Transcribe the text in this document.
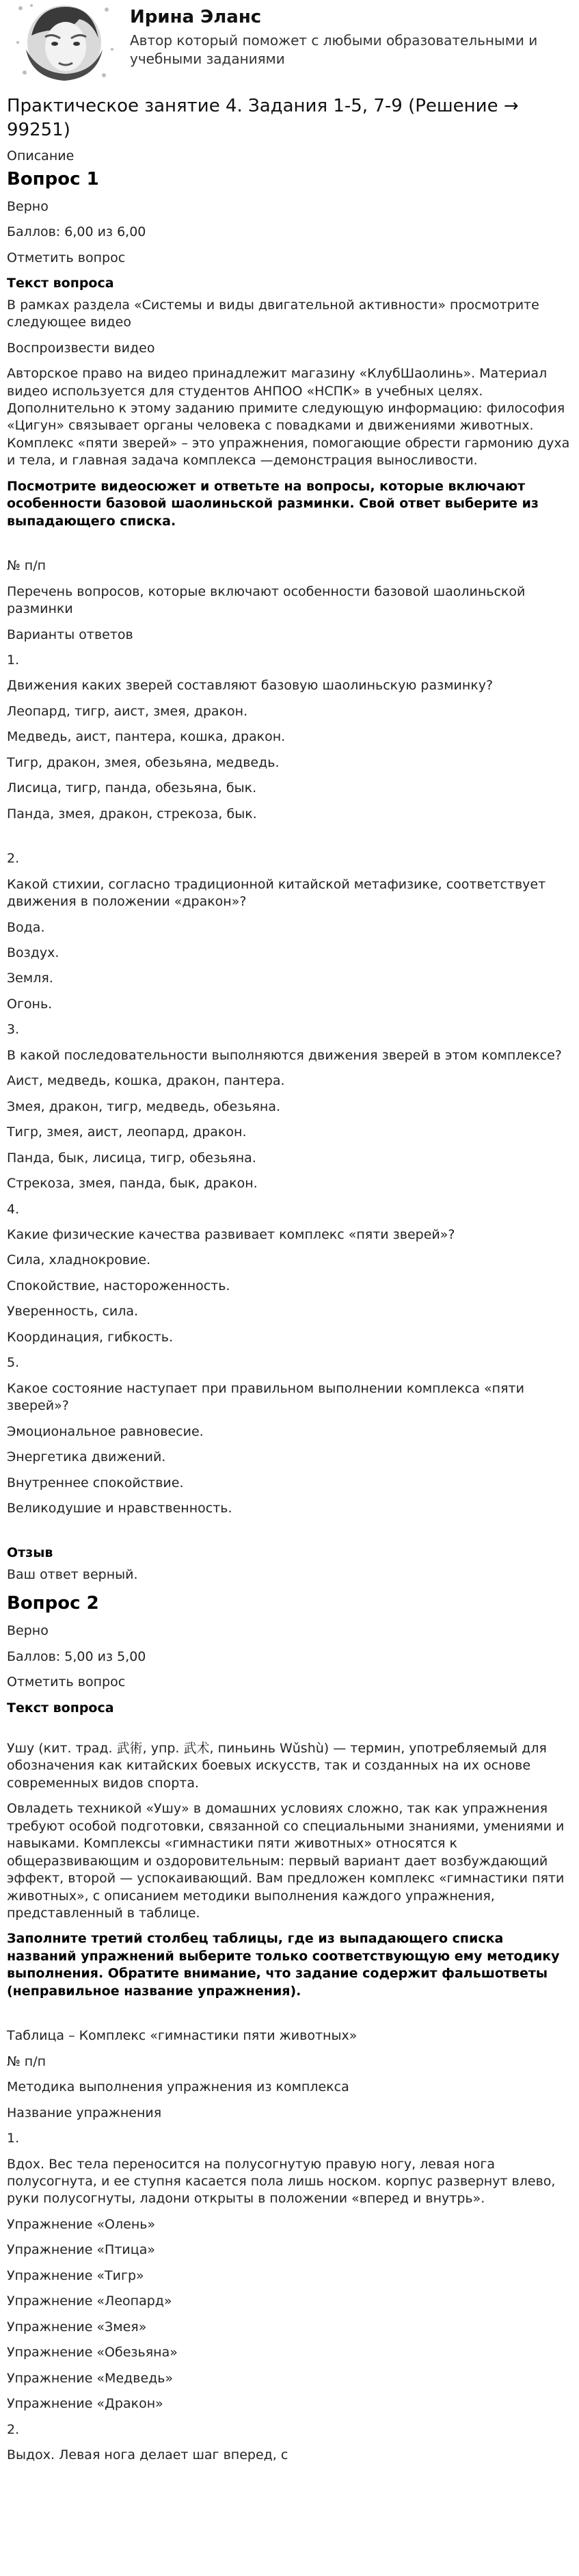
Ирина Эланс
Автор который поможет с любыми образовательными и учебными заданиями
Практическое занятие 4. Задания 1-5, 7-9 (Решение → 99251)
Описание
Вопрос 1
Верно
Баллов: 6,00 из 6,00
Отметить вопрос
Текст вопроса
В рамках раздела «Системы и виды двигательной активности» просмотрите следующее видео
Воспроизвести видео
Авторское право на видео принадлежит магазину «КлубШаолинь». Материал видео используется для студентов АНПОО «НСПК» в учебных целях. Дополнительно к этому заданию примите следующую информацию: философия «Цигун» связывает органы человека с повадками и движениями животных. Комплекс «пяти зверей» – это упражнения, помогающие обрести гармонию духа и тела, и главная задача комплекса —демонстрация выносливости.
Посмотрите видеосюжет и ответьте на вопросы, которые включают особенности базовой шаолиньской разминки. Свой ответ выберите из выпадающего списка.
№ п/п
Перечень вопросов, которые включают особенности базовой шаолиньской разминки
Варианты ответов
1.
Движения каких зверей составляют базовую шаолиньскую разминку?
Леопард, тигр, аист, змея, дракон.
Медведь, аист, пантера, кошка, дракон.
Тигр, дракон, змея, обезьяна, медведь.
Лисица, тигр, панда, обезьяна, бык.
Панда, змея, дракон, стрекоза, бык.
2.
Какой стихии, согласно традиционной китайской метафизике, соответствует движения в положении «дракон»?
Вода.
Воздух.
Земля.
Огонь.
3.
В какой последовательности выполняются движения зверей в этом комплексе?
Аист, медведь, кошка, дракон, пантера.
Змея, дракон, тигр, медведь, обезьяна.
Тигр, змея, аист, леопард, дракон.
Панда, бык, лисица, тигр, обезьяна.
Стрекоза, змея, панда, бык, дракон.
4.
Какие физические качества развивает комплекс «пяти зверей»?
Сила, хладнокровие.
Спокойствие, настороженность.
Уверенность, сила.
Координация, гибкость.
5.
Какое состояние наступает при правильном выполнении комплекса «пяти зверей»?
Эмоциональное равновесие.
Энергетика движений.
Внутреннее спокойствие.
Великодушие и нравственность.
Отзыв
Ваш ответ верный.
Вопрос 2
Верно
Баллов: 5,00 из 5,00
Отметить вопрос
Текст вопроса
Ушу (кит. трад. 武術, упр. 武术, пиньинь Wǔshù) — термин, употребляемый для обозначения как китайских боевых искусств, так и созданных на их основе современных видов спорта.
Овладеть техникой «Ушу» в домашних условиях сложно, так как упражнения требуют особой подготовки, связанной со специальными знаниями, умениями и навыками. Комплексы «гимнастики пяти животных» относятся к общеразвивающим и оздоровительным: первый вариант дает возбуждающий эффект, второй — успокаивающий. Вам предложен комплекс «гимнастики пяти животных», с описанием методики выполнения каждого упражнения, представленный в таблице.
Заполните третий столбец таблицы, где из выпадающего списка названий упражнений выберите только соответствующую ему методику выполнения. Обратите внимание, что задание содержит фальшответы (неправильное название упражнения).
Таблица – Комплекс «гимнастики пяти животных»
№ п/п
Методика выполнения упражнения из комплекса
Название упражнения
1.
Вдох. Вес тела переносится на полусогнутую правую ногу, левая нога полусогнута, и ее ступня касается пола лишь носком. корпус развернут влево, руки полусогнуты, ладони открыты в положении «вперед и внутрь».
Упражнение «Олень»
Упражнение «Птица»
Упражнение «Тигр»
Упражнение «Леопард»
Упражнение «Змея»
Упражнение «Обезьяна»
Упражнение «Медведь»
Упражнение «Дракон»
2.
Выдох. Левая нога делает шаг вперед, с
